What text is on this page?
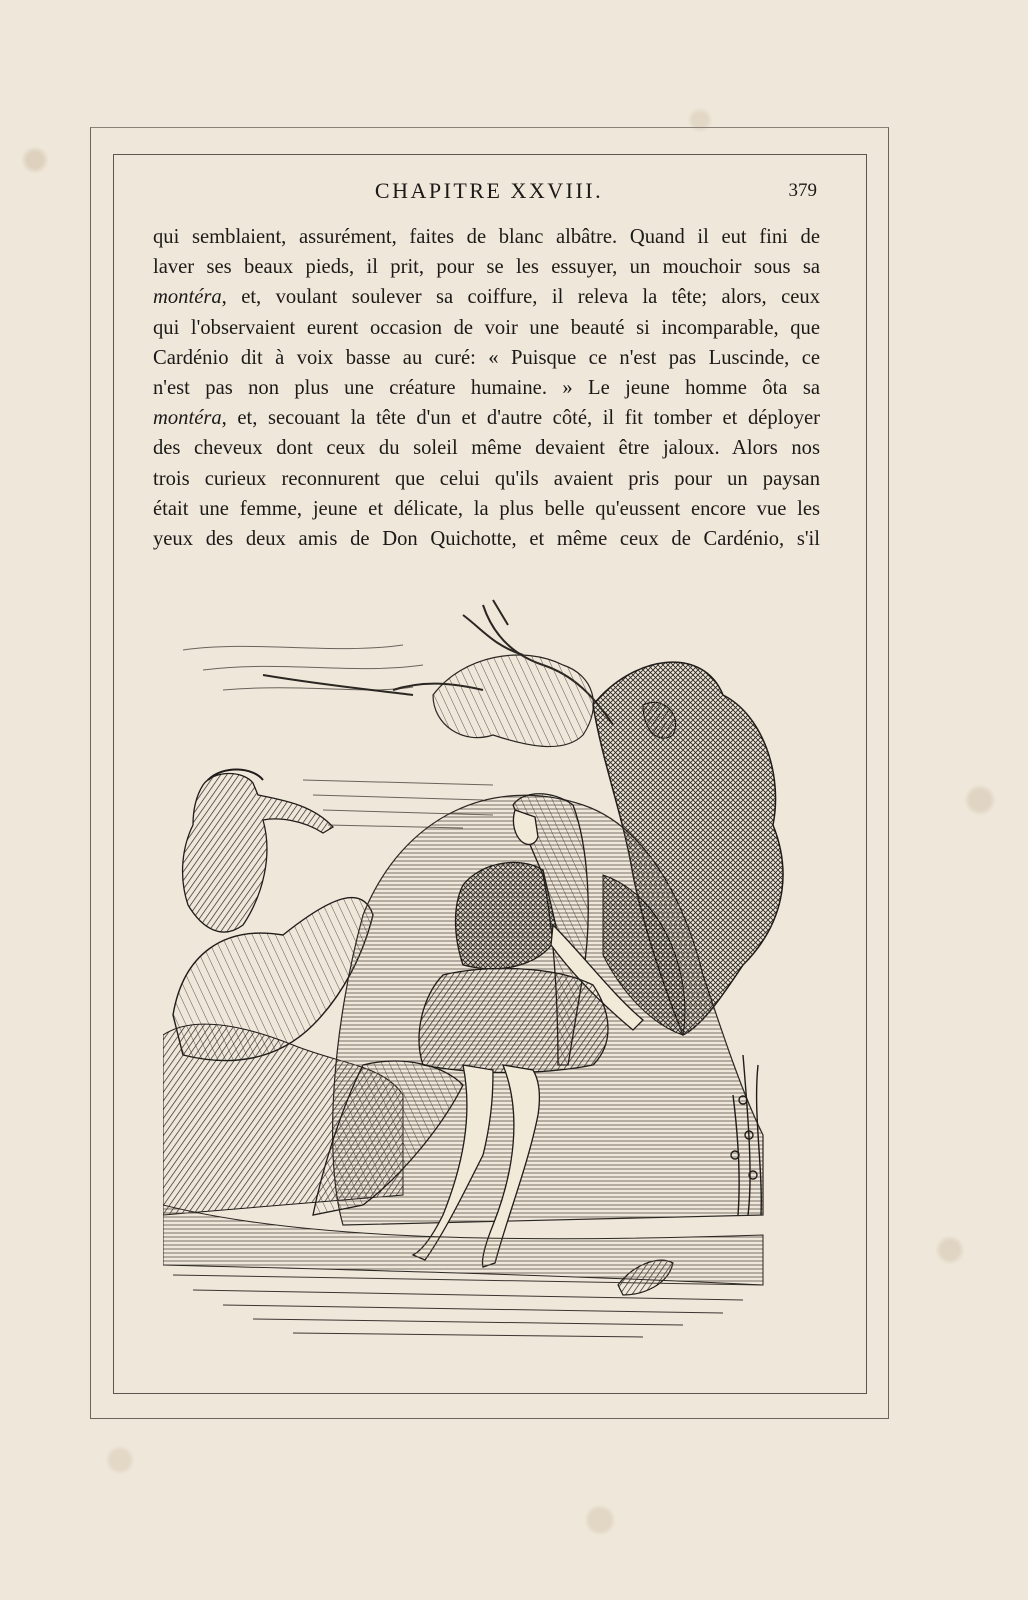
CHAPITRE XXVIII.	379
qui semblaient, assurément, faites de blanc albâtre. Quand il eut fini de
laver ses beaux pieds, il prit, pour se les essuyer, un mouchoir sous sa
montéra, et, voulant soulever sa coiffure, il releva la tête; alors, ceux
qui l'observaient eurent occasion de voir une beauté si incomparable, que
Cardénio dit à voix basse au curé: « Puisque ce n'est pas Luscinde, ce
n'est pas non plus une créature humaine. » Le jeune homme ôta sa
montéra, et, secouant la tête d'un et d'autre côté, il fit tomber et déployer
des cheveux dont ceux du soleil même devaient être jaloux. Alors nos
trois curieux reconnurent que celui qu'ils avaient pris pour un paysan
était une femme, jeune et délicate, la plus belle qu'eussent encore vue les
yeux des deux amis de Don Quichotte, et même ceux de Cardénio, s'il
